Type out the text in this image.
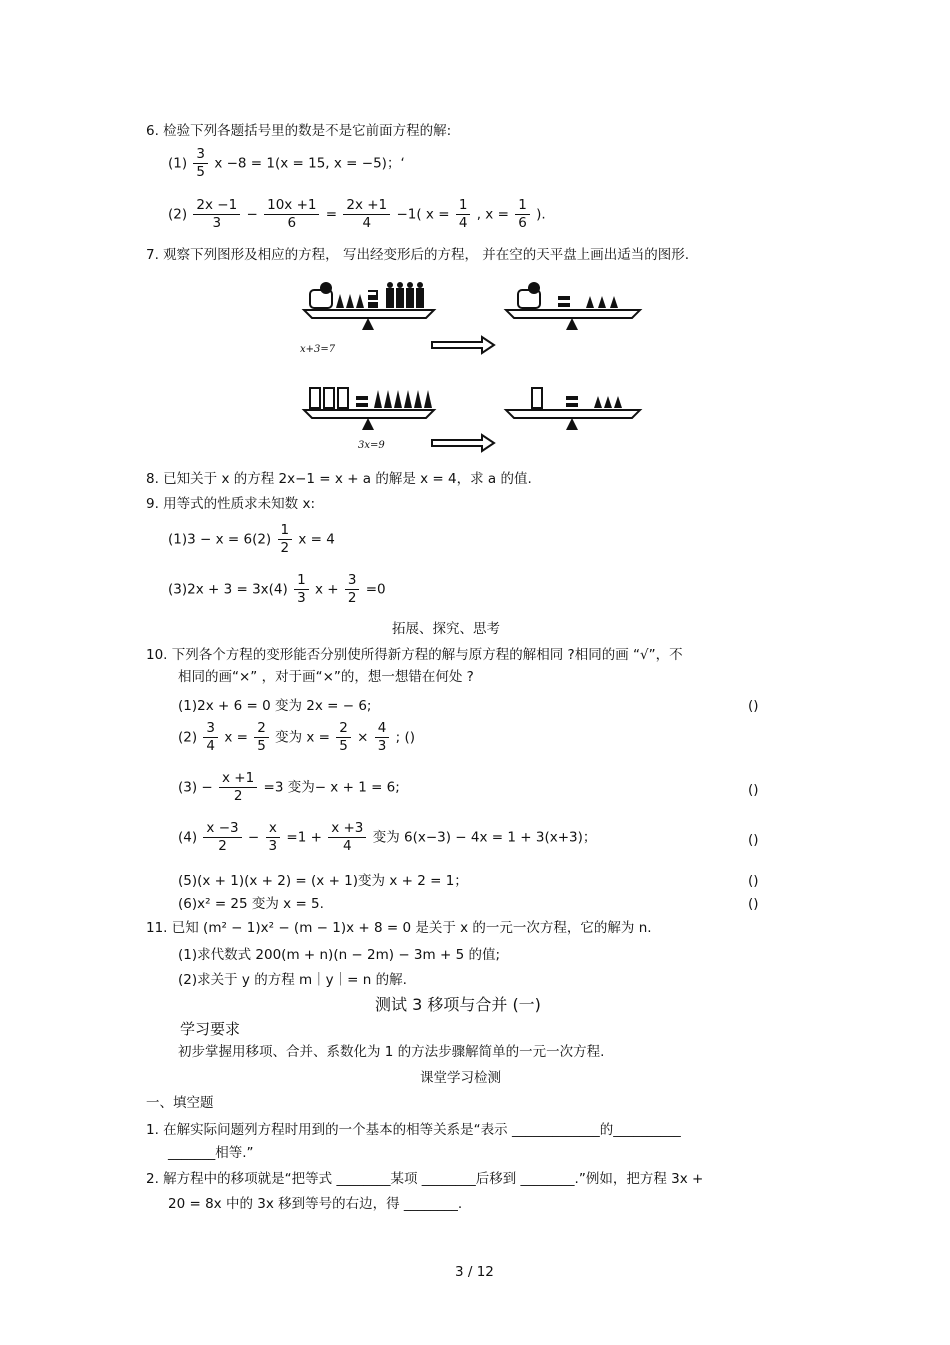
6. 检验下列各题括号里的数是不是它前面方程的解:
$(1) \frac{3}{5}$ x −8 = 1(x = 15, x = −5)；‘
$(2) \frac{2x -1}{3} - \frac{10x +1}{6} = \frac{2x +1}{4} -1$( $x = \frac{1}{4}$ , $x = \frac{1}{6}$ ).
7. 观察下列图形及相应的方程， 写出经变形后的方程， 并在空的天平盘上画出适当的图形.
x+3=7
3x=9
8. 已知关于 x 的方程 2x−1 = x + a 的解是 x = 4，求 a 的值.
9. 用等式的性质求未知数 x:
$(1)3 - x = 6(2) \frac{1}{2}$ x = 4
$(3)2x + 3 = 3x(4) \frac{1}{3}$ $x + \frac{3}{2} =0$
拓展、探究、思考
10. 下列各个方程的变形能否分别使所得新方程的解与原方程的解相同 ?相同的画 “√”，不
相同的画“×” ，对于画“×”的，想一想错在何处 ?
(1)2x + 6 = 0 变为 2x = − 6;	()
$(2) \frac{3}{4}$ $x = \frac{2}{5}$ 变为 $x = \frac{2}{5} \times \frac{4}{3}$ ; ()
$(3) - \frac{x +1}{2} =3$ 变为− x + 1 = 6;	()
$(4) \frac{x -3}{2} - \frac{x}{3} =1 + \frac{x +3}{4}$ 变为 6(x−3) − 4x = 1 + 3(x+3)；	()
(5)(x + 1)(x + 2) = (x + 1)变为 x + 2 = 1；	()
(6)x² = 25 变为 x = 5.	()
11. 已知 (m² − 1)x² − (m − 1)x + 8 = 0 是关于 x 的一元一次方程，它的解为 n.
(1)求代数式 200(m + n)(n − 2m) − 3m + 5 的值;
(2)求关于 y 的方程 m｜y｜= n 的解.
测试 3 移项与合并 (一)
学习要求
初步掌握用移项、合并、系数化为 1 的方法步骤解简单的一元一次方程.
课堂学习检测
一、填空题
1. 在解实际问题列方程时用到的一个基本的相等关系是“表示 _____________的__________
_______相等.”
2. 解方程中的移项就是“把等式 ________某项 ________后移到 ________.”例如，把方程 3x +
20 = 8x 中的 3x 移到等号的右边，得 ________.
3 / 12
